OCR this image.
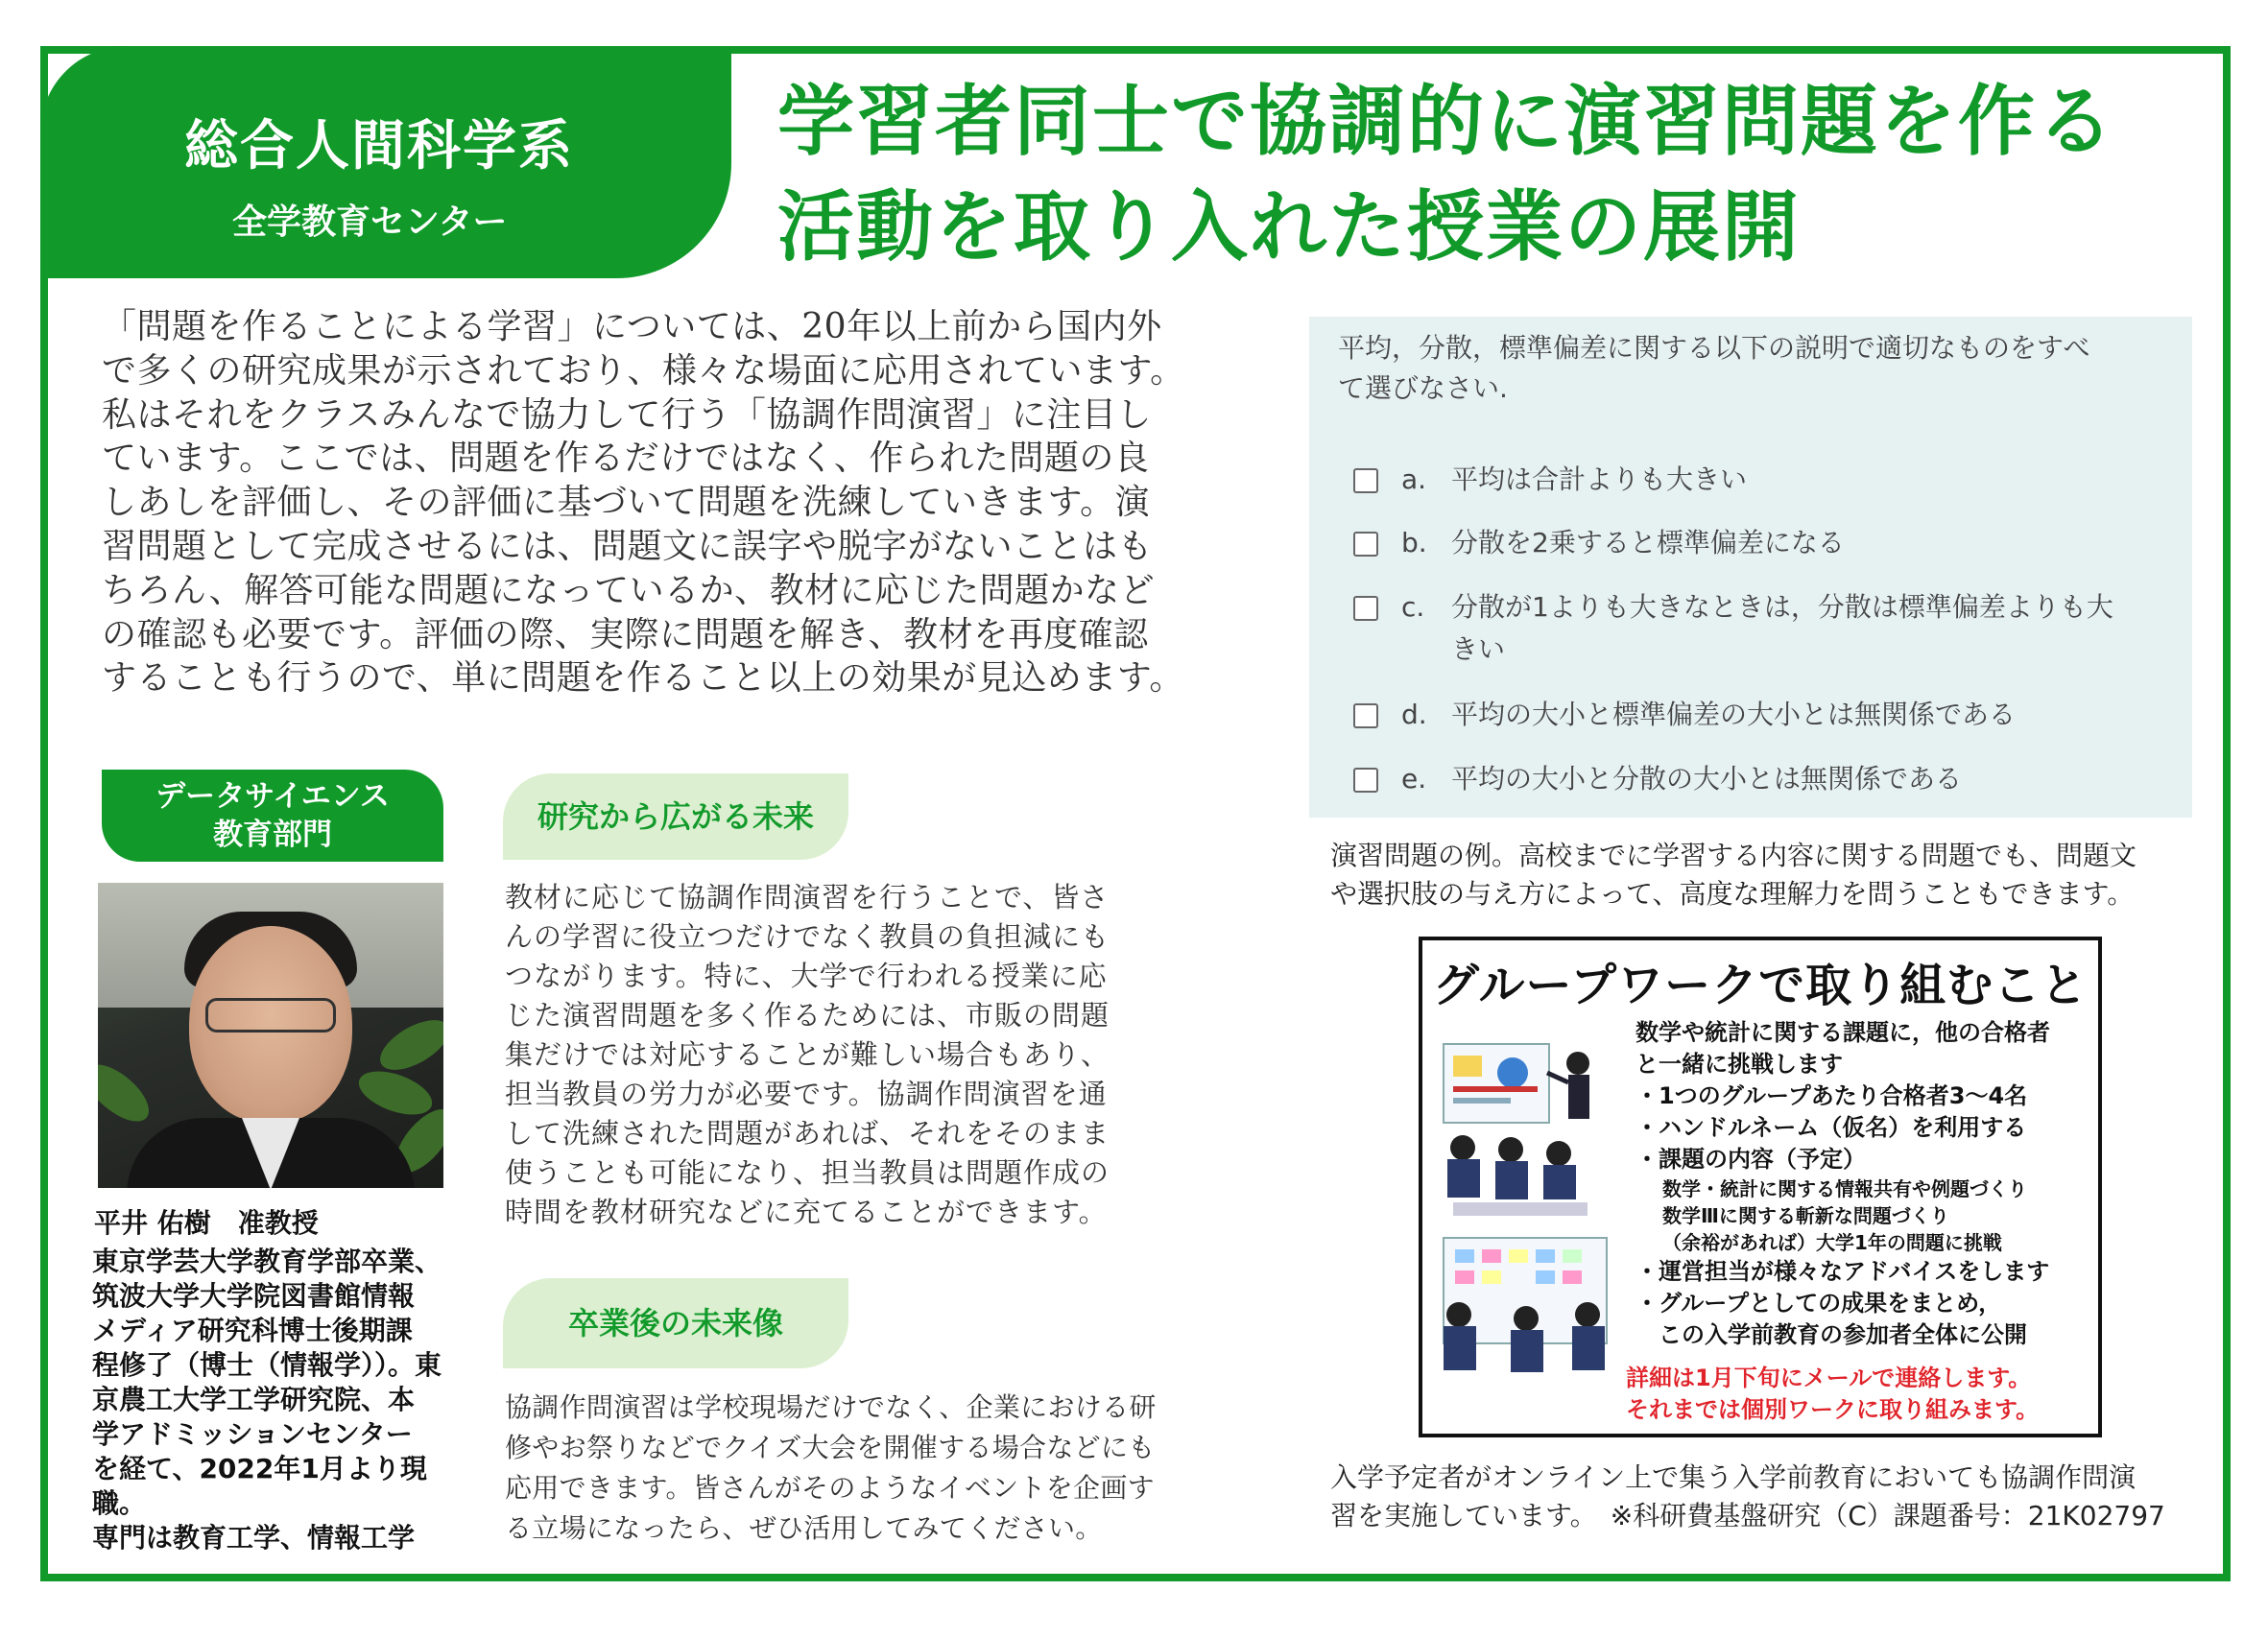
総合人間科学系
全学教育センター
学習者同士で協調的に演習問題を作る
活動を取り入れた授業の展開
「問題を作ることによる学習」については、20年以上前から国内外
で多くの研究成果が示されており、様々な場面に応用されています。
私はそれをクラスみんなで協力して行う「協調作問演習」に注目し
ています。ここでは、問題を作るだけではなく、作られた問題の良
しあしを評価し、その評価に基づいて問題を洗練していきます。演
習問題として完成させるには、問題文に誤字や脱字がないことはも
ちろん、解答可能な問題になっているか、教材に応じた問題かなど
の確認も必要です。評価の際、実際に問題を解き、教材を再度確認
することも行うので、単に問題を作ること以上の効果が見込めます。
データサイエンス
教育部門
平井 佑樹　准教授
東京学芸大学教育学部卒業、
筑波大学大学院図書館情報
メディア研究科博士後期課
程修了（博士（情報学））。東
京農工大学工学研究院、本
学アドミッションセンター
を経て、2022年1月より現職。
専門は教育工学、情報工学
研究から広がる未来
教材に応じて協調作問演習を行うことで、皆さ
んの学習に役立つだけでなく教員の負担減にも
つながります。特に、大学で行われる授業に応
じた演習問題を多く作るためには、市販の問題
集だけでは対応することが難しい場合もあり、
担当教員の労力が必要です。協調作問演習を通
して洗練された問題があれば、それをそのまま
使うことも可能になり、担当教員は問題作成の
時間を教材研究などに充てることができます。
卒業後の未来像
協調作問演習は学校現場だけでなく、企業における研
修やお祭りなどでクイズ大会を開催する場合などにも
応用できます。皆さんがそのようなイベントを企画す
る立場になったら、ぜひ活用してみてください。
平均，分散，標準偏差に関する以下の説明で適切なものをすべ
て選びなさい.
a. 平均は合計よりも大きい
b. 分散を2乗すると標準偏差になる
c. 分散が1よりも大きなときは，分散は標準偏差よりも大
きい
d. 平均の大小と標準偏差の大小とは無関係である
e. 平均の大小と分散の大小とは無関係である
演習問題の例。高校までに学習する内容に関する問題でも、問題文
や選択肢の与え方によって、高度な理解力を問うこともできます。
グループワークで取り組むこと
数学や統計に関する課題に，他の合格者
と一緒に挑戦します
・1つのグループあたり合格者3～4名
・ハンドルネーム（仮名）を利用する
・課題の内容（予定）
数学・統計に関する情報共有や例題づくり
数学Ⅲに関する斬新な問題づくり
（余裕があれば）大学1年の問題に挑戦
・運営担当が様々なアドバイスをします
・グループとしての成果をまとめ，
　この入学前教育の参加者全体に公開
詳細は1月下旬にメールで連絡します。
それまでは個別ワークに取り組みます。
入学予定者がオンライン上で集う入学前教育においても協調作問演
習を実施しています。　※科研費基盤研究（C）課題番号：21K02797
